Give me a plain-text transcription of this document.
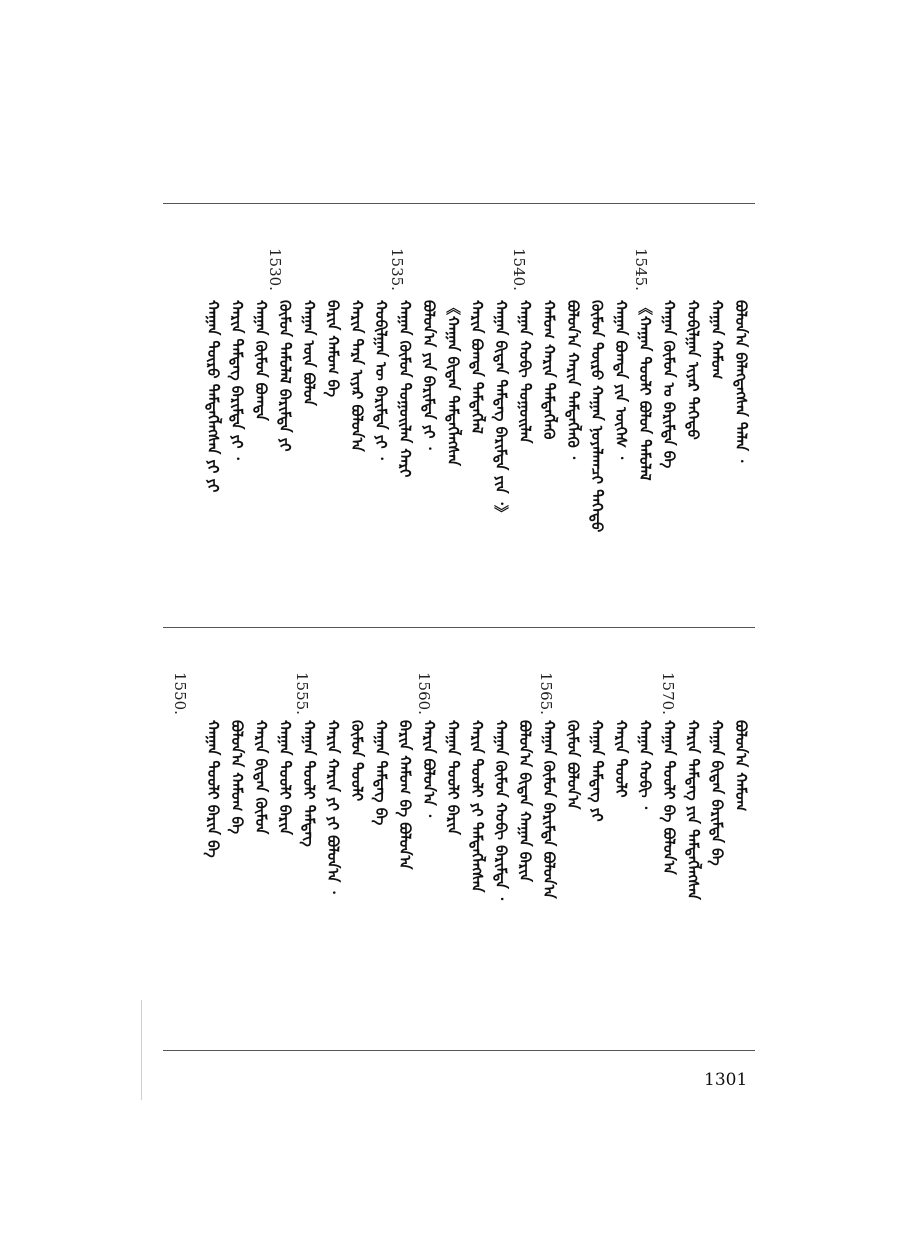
1545.
1540.
1535.
1530.
ᠪᠣᠯᠤᠨ᠎ᠠ ᠪᠡᠯᠡᠭᠳᠡᠭᠰᠡᠨ ᠳᠠᠯᠠᠨ ᠂
ᠬᠠᠭᠠᠨ ᠬᠠᠮᠤᠭ
ᠬᠣᠪᠢᠯᠭᠠᠨ ᠢᠶᠠᠷ ᠳᠡᠭᠡᠳᠦ
ᠬᠠᠭᠠᠨ ᠬᠦᠮᠦᠨ ᠤ ᠪᠠᠷᠢᠮᠲᠠ ᠪᠠ
《ᠬᠠᠭᠠᠨ ᠳᠤᠤᠯᠢ ᠪᠤᠯᠤᠨ ᠲᠡᠮᠦᠯᠡᠯ
ᠬᠠᠭᠠᠨ ᠪᠣᠭᠳᠠ ᠶᠢᠨ ᠦᠭᠡᠰ ᠂
ᠬᠦᠮᠦᠨ ᠲᠥᠷᠦ ᠬᠠᠭᠠᠨ ᠨᠣᠶᠠᠯᠠᠭᠴᠢ ᠳᠡᠭᠡᠳᠦ
ᠪᠤᠯᠤᠨ᠎ᠠ ᠬᠠᠷᠢᠨ ᠲᠡᠮᠳᠡᠭᠯᠡᠬᠦ ᠂
ᠬᠠᠮᠤᠭ ᠬᠠᠷᠢᠨ ᠲᠡᠮᠳᠡᠭᠯᠡᠬᠦ
ᠬᠠᠭᠠᠨ ᠬᠤᠪᠢ ᠳᠤᠭᠤᠢᠯᠠᠨ
ᠬᠠᠭᠠᠨ ᠪᠢᠳᠡᠨ ᠲᠡᠮᠳᠡᠭ ᠪᠠᠷᠢᠮᠲᠠ ᠶᠢᠨ ᠂》
ᠬᠠᠷᠢᠨ ᠪᠣᠭᠳᠠ ᠲᠡᠮᠳᠡᠭᠯᠡᠯ
《ᠬᠠᠭᠠᠨ ᠪᠢᠳᠡᠨ ᠲᠡᠮᠳᠡᠭᠯᠡᠭᠰᠡᠨ
ᠪᠣᠯᠤᠨ᠎ᠠ ᠶᠢᠨ ᠪᠠᠷᠢᠮᠲᠠ ᠶᠢ ᠂
ᠬᠠᠭᠠᠨ ᠬᠦᠮᠦᠨ ᠳᠤᠭᠤᠢᠯᠠᠨ ᠬᠠᠷᠢ
ᠬᠣᠪᠢᠯᠭᠠᠨ ᠦ ᠪᠠᠷᠢᠮᠲᠠ ᠶᠢ ᠂
ᠬᠠᠷᠢᠨ ᠲᠡᠷᠡ ᠢᠶᠠᠷ ᠪᠣᠯᠤᠨ᠎ᠠ
ᠪᠠᠷᠢᠨ ᠬᠠᠮᠤᠭ ᠪᠠ
ᠬᠠᠭᠠᠨ ᠦᠨ ᠪᠣᠯᠤᠨ
ᠬᠦᠮᠦᠨ ᠲᠡᠮᠦᠯᠡᠯ ᠪᠠᠷᠢᠮᠲᠠ ᠶᠢ
ᠬᠠᠭᠠᠨ ᠬᠦᠮᠦᠨ ᠪᠣᠭᠳᠠ
ᠬᠠᠷᠢᠨ ᠲᠡᠮᠳᠡᠭ ᠪᠠᠷᠢᠮᠲᠠ ᠶᠢ ᠂
ᠬᠠᠭᠠᠨ ᠲᠥᠷᠦ ᠲᠡᠮᠳᠡᠭᠯᠡᠭᠰᠡᠨ ᠶᠢ ᠶᠢ
1570.
1565.
1560.
1555.
1550.
ᠪᠣᠯᠤᠨ᠎ᠠ ᠬᠠᠮᠤᠭ
ᠬᠠᠭᠠᠨ ᠪᠢᠳᠡᠨ ᠪᠠᠷᠢᠮᠲᠠ ᠪᠠ
ᠬᠠᠷᠢᠨ ᠲᠡᠮᠳᠡᠭ ᠶᠢᠨ ᠲᠡᠮᠳᠡᠭᠯᠡᠭᠰᠡᠨ
ᠬᠠᠭᠠᠨ ᠳᠤᠤᠯᠢ ᠪᠠ ᠪᠣᠯᠤᠨ᠎ᠠ
ᠬᠠᠭᠠᠨ ᠬᠤᠪᠢ ᠂
ᠬᠠᠷᠢᠨ ᠳᠤᠤᠯᠢ
ᠬᠠᠭᠠᠨ ᠲᠡᠮᠳᠡᠭ ᠶᠢ
ᠬᠦᠮᠦᠨ ᠪᠣᠯᠤᠨ᠎ᠠ
ᠬᠠᠭᠠᠨ ᠬᠦᠮᠦᠨ ᠪᠠᠷᠢᠮᠲᠠ ᠪᠣᠯᠤᠨ᠎ᠠ
ᠪᠣᠯᠤᠨ᠎ᠠ ᠪᠢᠳᠡᠨ ᠬᠠᠭᠠᠨ ᠪᠠᠷᠢᠨ
ᠬᠠᠭᠠᠨ ᠬᠦᠮᠦᠨ ᠬᠤᠪᠢ ᠪᠠᠷᠢᠮᠲᠠ ᠂
ᠬᠠᠷᠢᠨ ᠳᠤᠤᠯᠢ ᠶᠢ ᠲᠡᠮᠳᠡᠭᠯᠡᠭᠰᠡᠨ
ᠬᠠᠭᠠᠨ ᠳᠤᠤᠯᠢ ᠪᠠᠷᠢᠨ
ᠬᠠᠷᠢᠨ ᠪᠣᠯᠤᠨ᠎ᠠ ᠂
ᠪᠠᠷᠢᠨ ᠬᠠᠮᠤᠭ ᠪᠠ ᠪᠣᠯᠤᠨ᠎ᠠ
ᠬᠠᠭᠠᠨ ᠲᠡᠮᠳᠡᠭ ᠪᠠ
ᠬᠦᠮᠦᠨ ᠳᠤᠤᠯᠢ
ᠬᠠᠷᠢᠨ ᠬᠠᠷᠢᠨ ᠶᠢ ᠶᠢ ᠪᠣᠯᠤᠨ᠎ᠠ ᠂
ᠬᠠᠭᠠᠨ ᠳᠤᠤᠯᠢ ᠲᠡᠮᠳᠡᠭ
ᠬᠠᠭᠠᠨ ᠳᠤᠤᠯᠢ ᠪᠠᠷᠢᠨ
ᠬᠠᠷᠢᠨ ᠪᠢᠳᠡᠨ ᠬᠦᠮᠦᠨ
ᠪᠣᠯᠤᠨ᠎ᠠ ᠬᠠᠮᠤᠭ ᠪᠠ
ᠬᠠᠭᠠᠨ ᠳᠤᠤᠯᠢ ᠪᠠᠷᠢᠨ ᠪᠠ
1301
